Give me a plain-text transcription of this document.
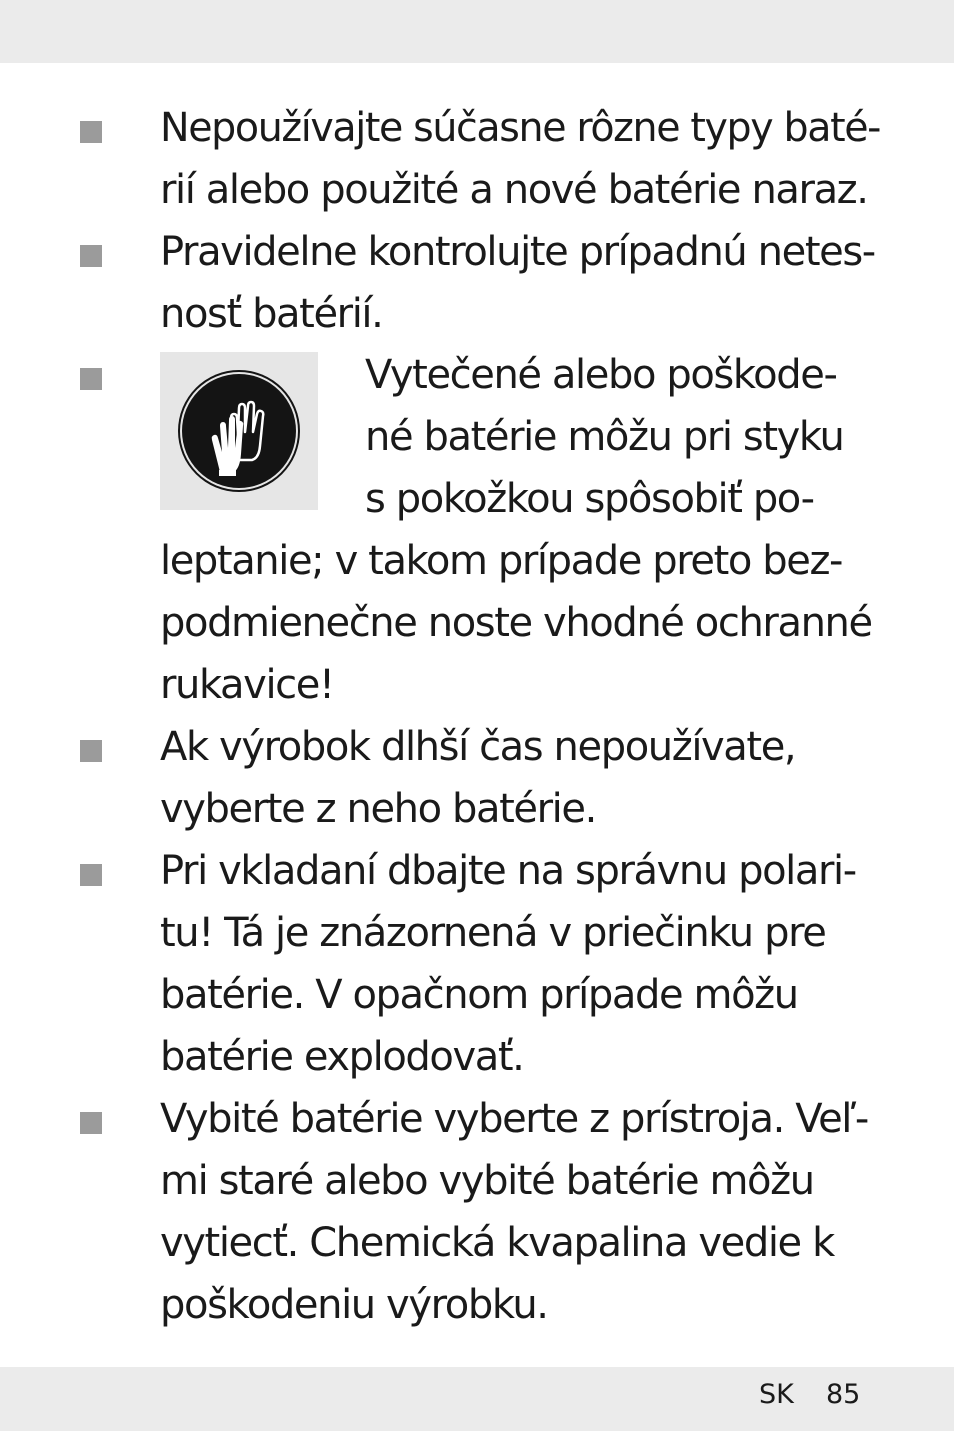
Nepoužívajte súčasne rôzne typy baté-

rií alebo použité a nové batérie naraz.

Pravidelne kontrolujte prípadnú netes-

nosť batérií.

Vytečené alebo poškode-

né batérie môžu pri styku

s pokožkou spôsobiť po-

leptanie; v takom prípade preto bez-

podmienečne noste vhodné ochranné

rukavice!

Ak výrobok dlhší čas nepoužívate,

vyberte z neho batérie.

Pri vkladaní dbajte na správnu polari-

tu! Tá je znázornená v priečinku pre

batérie. V opačnom prípade môžu

batérie explodovať.

Vybité batérie vyberte z prístroja. Veľ-

mi staré alebo vybité batérie môžu

vytiecť. Chemická kvapalina vedie k

poškodeniu výrobku.

SK 85
